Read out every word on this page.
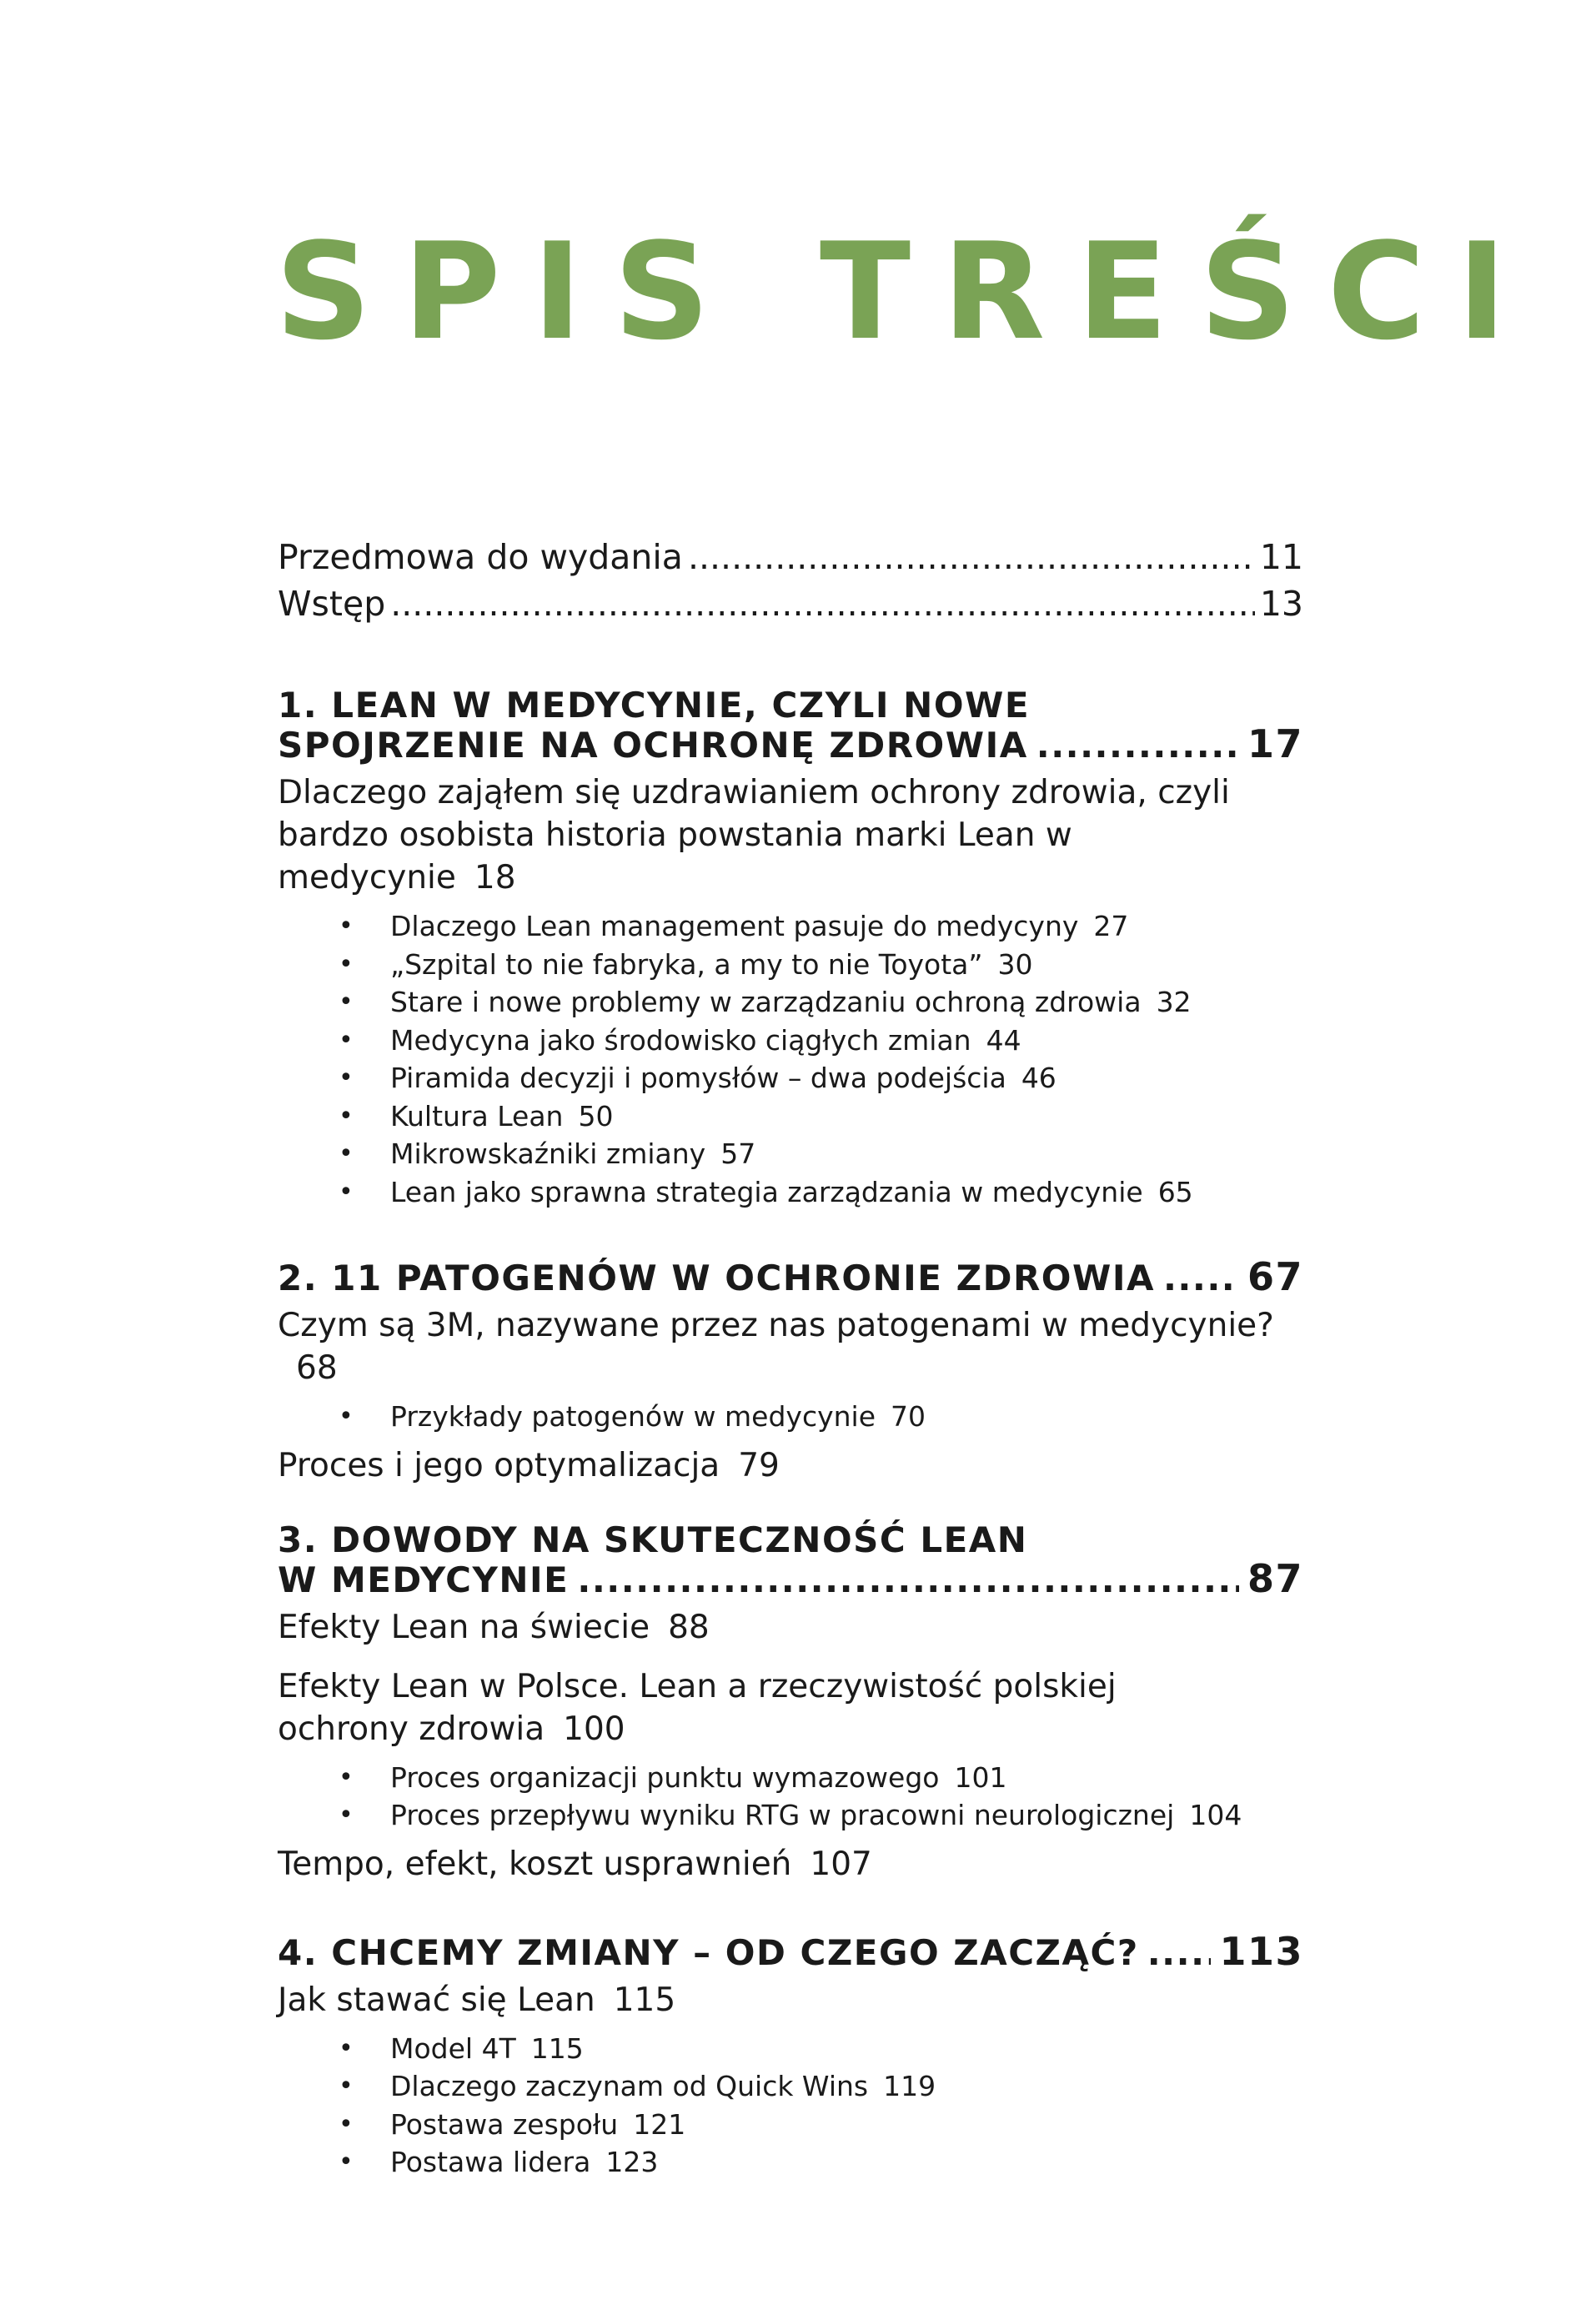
SPIS TREŚCI
Przedmowa do wydania .....	11
Wstęp .....	13
1. LEAN W MEDYCYNIE, CZYLI NOWE
SPOJRZENIE NA OCHRONĘ ZDROWIA .....	17
Dlaczego zająłem się uzdrawianiem ochrony zdrowia, czyli bardzo osobista historia powstania marki Lean w medycynie 18
• Dlaczego Lean management pasuje do medycyny 27
• „Szpital to nie fabryka, a my to nie Toyota” 30
• Stare i nowe problemy w zarządzaniu ochroną zdrowia 32
• Medycyna jako środowisko ciągłych zmian 44
• Piramida decyzji i pomysłów – dwa podejścia 46
• Kultura Lean 50
• Mikrowskaźniki zmiany 57
• Lean jako sprawna strategia zarządzania w medycynie 65
2. 11 PATOGENÓW W OCHRONIE ZDROWIA ..... 67
Czym są 3M, nazywane przez nas patogenami w medycynie?68
• Przykłady patogenów w medycynie 70
Proces i jego optymalizacja 79
3. DOWODY NA SKUTECZNOŚĆ LEAN
W MEDYCYNIE .....	87
Efekty Lean na świecie 88
Efekty Lean w Polsce. Lean a rzeczywistość polskiej
ochrony zdrowia 100
• Proces organizacji punktu wymazowego 101
• Proces przepływu wyniku RTG w pracowni neurologicznej 104
Tempo, efekt, koszt usprawnień 107
4. CHCEMY ZMIANY – OD CZEGO ZACZĄĆ? ..... 113
Jak stawać się Lean 115
• Model 4T 115
• Dlaczego zaczynam od Quick Wins 119
• Postawa zespołu 121
• Postawa lidera 123
